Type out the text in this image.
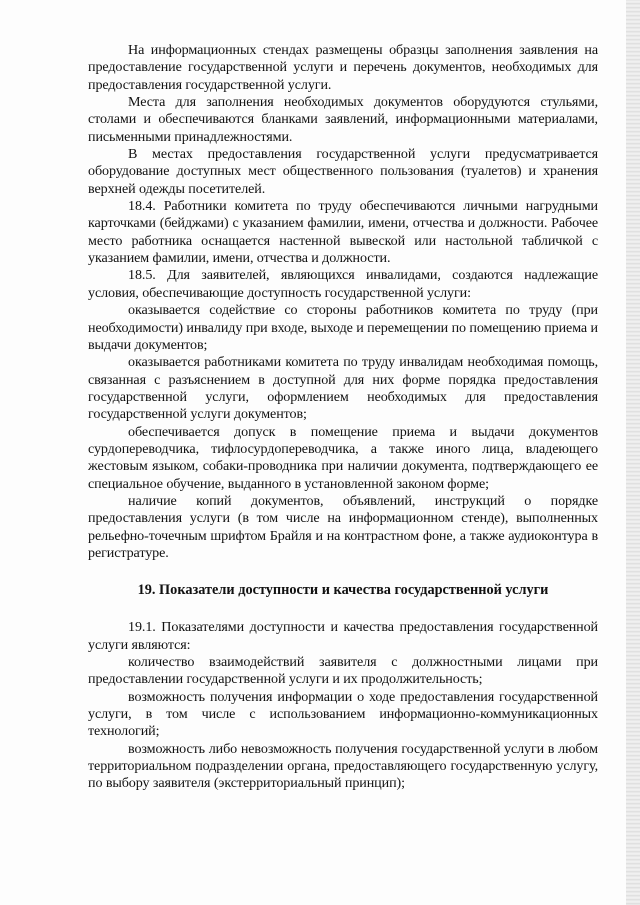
На информационных стендах размещены образцы заполнения заявления на предоставление государственной услуги и перечень документов, необходимых для предоставления государственной услуги.

Места для заполнения необходимых документов оборудуются стульями, столами и обеспечиваются бланками заявлений, информационными материалами, письменными принадлежностями.

В местах предоставления государственной услуги предусматривается оборудование доступных мест общественного пользования (туалетов) и хранения верхней одежды посетителей.

18.4. Работники комитета по труду обеспечиваются личными нагрудными карточками (бейджами) с указанием фамилии, имени, отчества и должности. Рабочее место работника оснащается настенной вывеской или настольной табличкой с указанием фамилии, имени, отчества и должности.

18.5. Для заявителей, являющихся инвалидами, создаются надлежащие условия, обеспечивающие доступность государственной услуги:

оказывается содействие со стороны работников комитета по труду (при необходимости) инвалиду при входе, выходе и перемещении по помещению приема и выдачи документов;

оказывается работниками комитета по труду инвалидам необходимая помощь, связанная с разъяснением в доступной для них форме порядка предоставления государственной услуги, оформлением необходимых для предоставления государственной услуги документов;

обеспечивается допуск в помещение приема и выдачи документов сурдопереводчика, тифлосурдопереводчика, а также иного лица, владеющего жестовым языком, собаки-проводника при наличии документа, подтверждающего ее специальное обучение, выданного в установленной законом форме;

наличие копий документов, объявлений, инструкций о порядке предоставления услуги (в том числе на информационном стенде), выполненных рельефно-точечным шрифтом Брайля и на контрастном фоне, а также аудиоконтура в регистратуре.

19. Показатели доступности и качества государственной услуги

19.1. Показателями доступности и качества предоставления государственной услуги являются:

количество взаимодействий заявителя с должностными лицами при предоставлении государственной услуги и их продолжительность;

возможность получения информации о ходе предоставления государственной услуги, в том числе с использованием информационно-коммуникационных технологий;

возможность либо невозможность получения государственной услуги в любом территориальном подразделении органа, предоставляющего государственную услугу, по выбору заявителя (экстерриториальный принцип);
